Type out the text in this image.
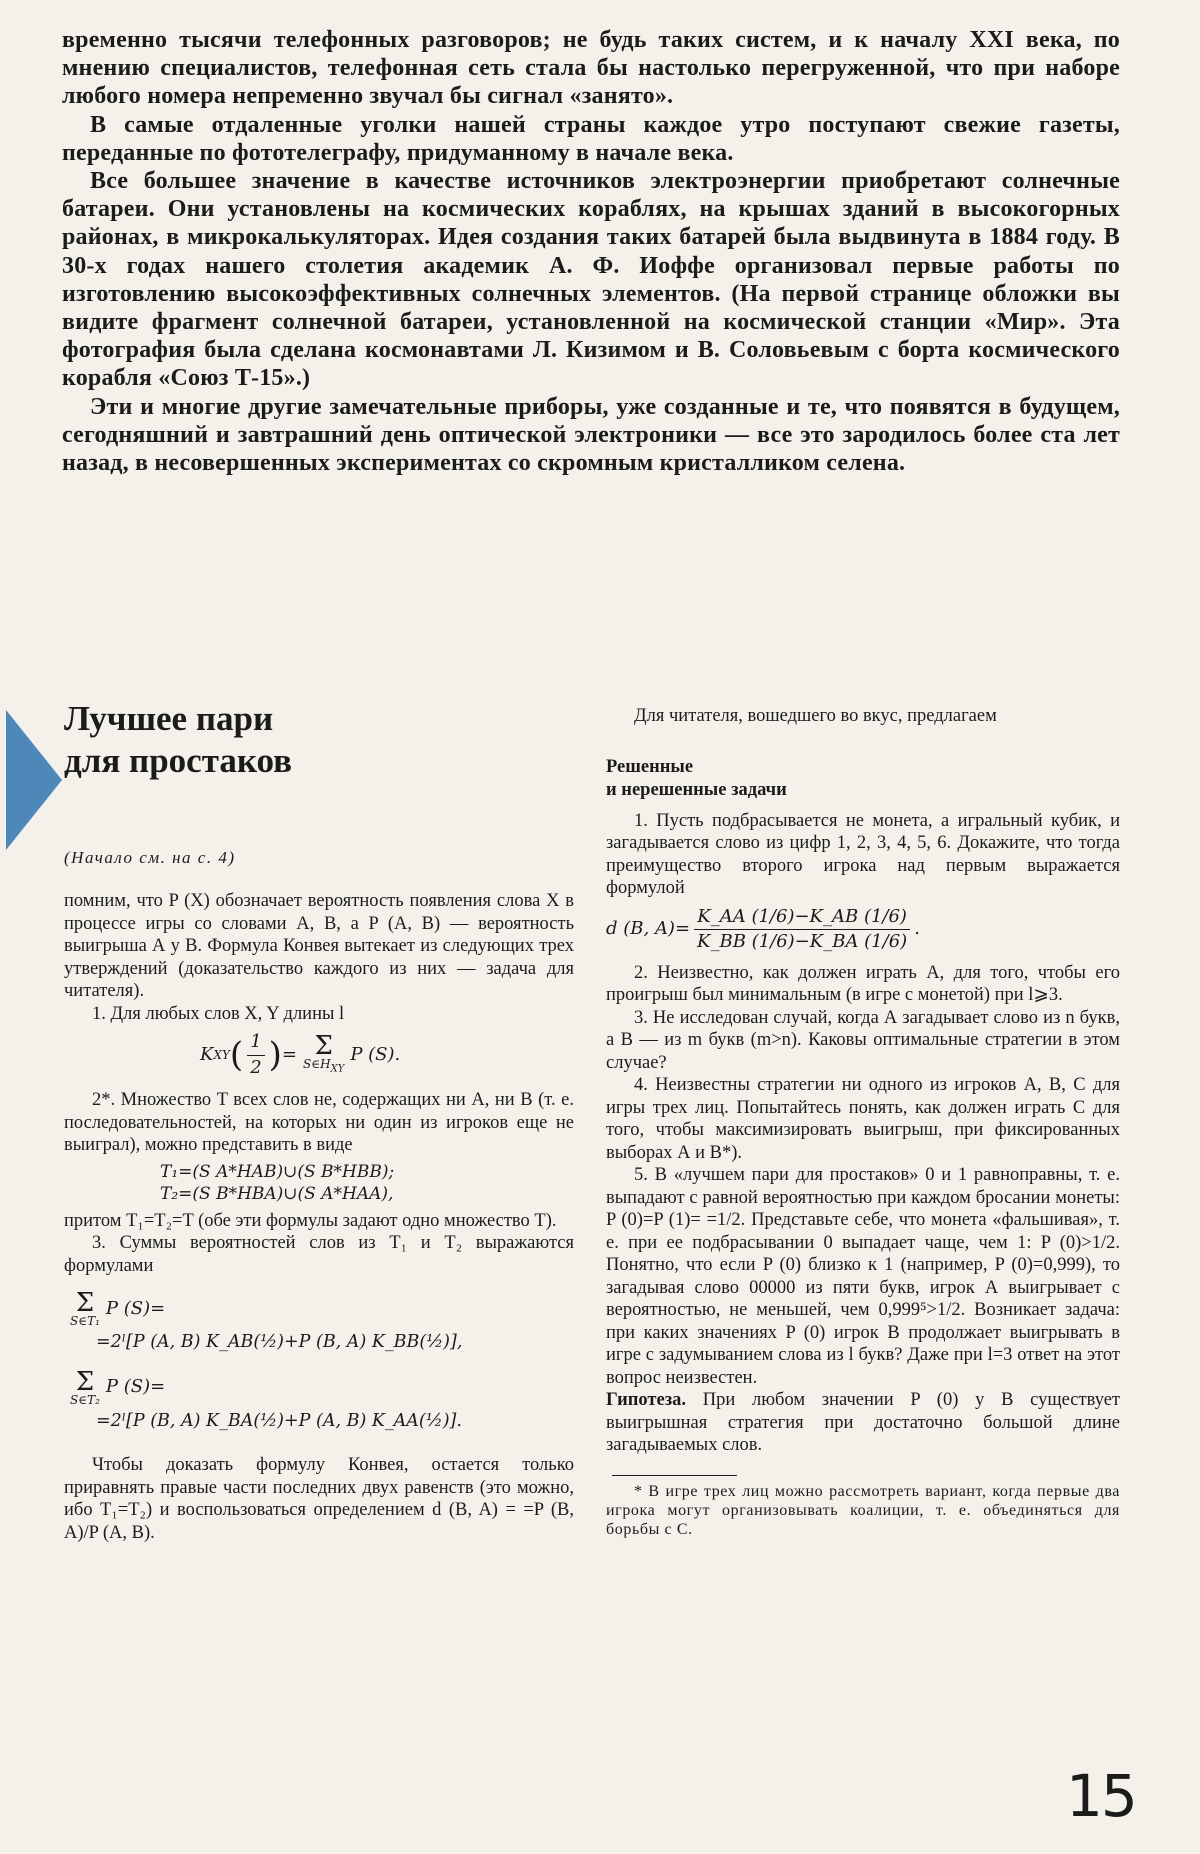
временно тысячи телефонных разговоров; не будь таких систем, и к началу XXI века, по мнению специалистов, телефонная сеть стала бы настолько перегруженной, что при наборе любого номера непременно звучал бы сигнал «занято».

В самые отдаленные уголки нашей страны каждое утро поступают свежие газеты, переданные по фототелеграфу, придуманному в начале века.

Все большее значение в качестве источников электроэнергии приобретают солнечные батареи. Они установлены на космических кораблях, на крышах зданий в высокогорных районах, в микрокалькуляторах. Идея создания таких батарей была выдвинута в 1884 году. В 30-х годах нашего столетия академик А. Ф. Иоффе организовал первые работы по изготовлению высокоэффективных солнечных элементов. (На первой странице обложки вы видите фрагмент солнечной батареи, установленной на космической станции «Мир». Эта фотография была сделана космонавтами Л. Кизимом и В. Соловьевым с борта космического корабля «Союз Т-15».)

Эти и многие другие замечательные приборы, уже созданные и те, что появятся в будущем, сегодняшний и завтрашний день оптической электроники — все это зародилось более ста лет назад, в несовершенных экспериментах со скромным кристалликом селена.

Лучшее пари
для простаков
(Начало см. на с. 4)

помним, что P (X) обозначает вероятность появления слова X в процессе игры со словами A, B, а P (A, B) — вероятность выигрыша А у В. Формула Конвея вытекает из следующих трех утверждений (доказательство каждого из них — задача для читателя).

1. Для любых слов X, Y длины l

K XY ( $\frac{1}{2}$ ) = Σ
$S\in H_{XY}$
P (S).

2*. Множество T всех слов не, содержащих ни А, ни B (т. е. последовательностей, на которых ни один из игроков еще не выиграл), можно представить в виде

T₁=(S A*HAB)∪(S B*HBB);
T₂=(S B*HBA)∪(S A*HAA),

притом T₁=T₂=T (обе эти формулы задают одно множество T).

3. Суммы вероятностей слов из T₁ и T₂ выражаются формулами

Σ
S∈T₁
P (S)=
=2ˡ[P (A, B) K_AB(½)+P (B, A) K_BB(½)],
Σ
S∈T₂
P (S)=
=2ˡ[P (B, A) K_BA(½)+P (A, B) K_AA(½)].

Чтобы доказать формулу Конвея, остается только приравнять правые части последних двух равенств (это можно, ибо T₁=T₂) и воспользоваться определением d (B, A) = =P (B, A)/P (A, B).

Для читателя, вошедшего во вкус, предлагаем

Решенные
и нерешенные задачи

1. Пусть подбрасывается не монета, а игральный кубик, и загадывается слово из цифр 1, 2, 3, 4, 5, 6. Докажите, что тогда преимущество второго игрока над первым выражается формулой

d (B, $A)= \frac{K\_AA (1/6)-K\_AB (1/6)}{K\_BB (1/6)-K\_BA (1/6)}$ .

2. Неизвестно, как должен играть А, для того, чтобы его проигрыш был минимальным (в игре с монетой) при l⩾3.

3. Не исследован случай, когда А загадывает слово из n букв, а В — из m букв (m>n). Каковы оптимальные стратегии в этом случае?

4. Неизвестны стратегии ни одного из игроков А, В, С для игры трех лиц. Попытайтесь понять, как должен играть С для того, чтобы максимизировать выигрыш, при фиксированных выборах А и В*).

5. В «лучшем пари для простаков» 0 и 1 равноправны, т. е. выпадают с равной вероятностью при каждом бросании монеты: P (0)=P (1)= =1/2. Представьте себе, что монета «фальшивая», т. е. при ее подбрасывании 0 выпадает чаще, чем 1: P (0)>1/2. Понятно, что если P (0) близко к 1 (например, P (0)=0,999), то загадывая слово 00000 из пяти букв, игрок А выигрывает с вероятностью, не меньшей, чем 0,999⁵>1/2. Возникает задача: при каких значениях P (0) игрок В продолжает выигрывать в игре с задумыванием слова из l букв? Даже при l=3 ответ на этот вопрос неизвестен.

Гипотеза. При любом значении P (0) у В существует выигрышная стратегия при достаточно большой длине загадываемых слов.

* В игре трех лиц можно рассмотреть вариант, когда первые два игрока могут организовывать коалиции, т. е. объединяться для борьбы с С.

15
